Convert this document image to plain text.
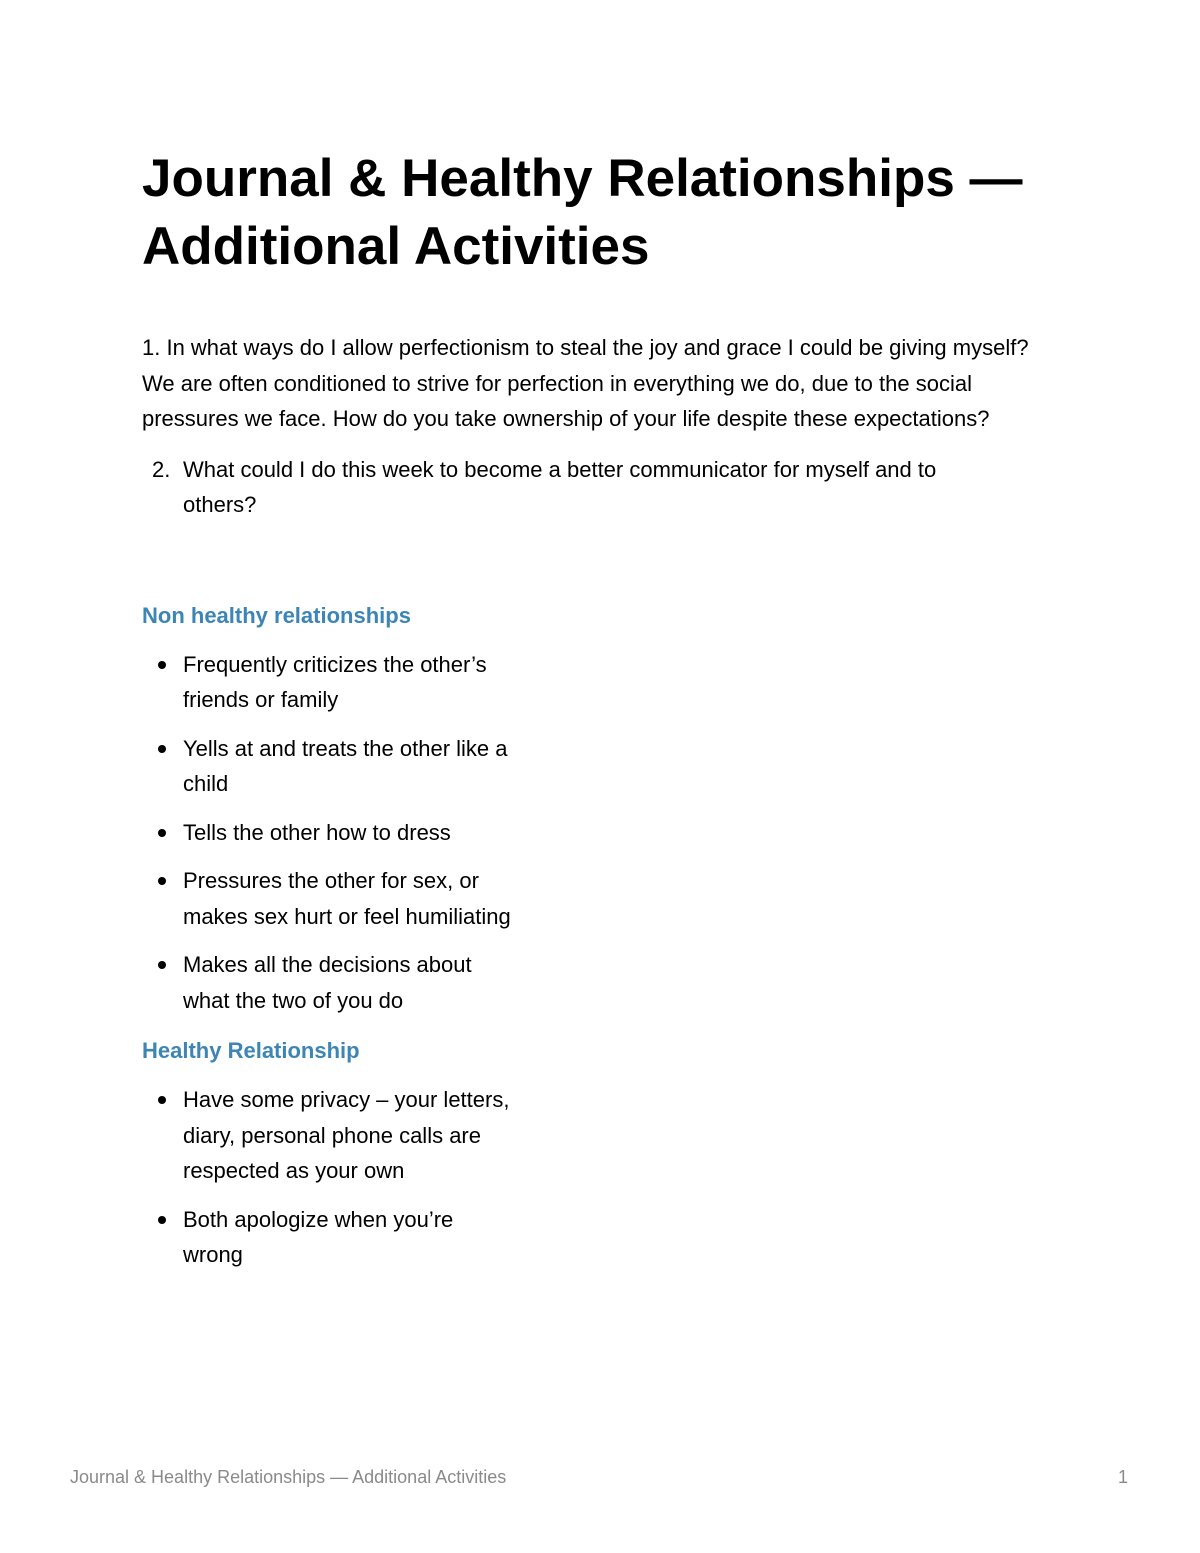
Journal & Healthy Relationships — Additional Activities

1. In what ways do I allow perfectionism to steal the joy and grace I could be giving myself? We are often conditioned to strive for perfection in everything we do, due to the social pressures we face. How do you take ownership of your life despite these expectations?

2. What could I do this week to become a better communicator for myself and to others?
Non healthy relationships
Frequently criticizes the other’s friends or family
Yells at and treats the other like a child
Tells the other how to dress
Pressures the other for sex, or makes sex hurt or feel humiliating
Makes all the decisions about what the two of you do
Healthy Relationship
Have some privacy – your letters, diary, personal phone calls are respected as your own
Both apologize when you’re wrong
Journal & Healthy Relationships — Additional Activities	1
